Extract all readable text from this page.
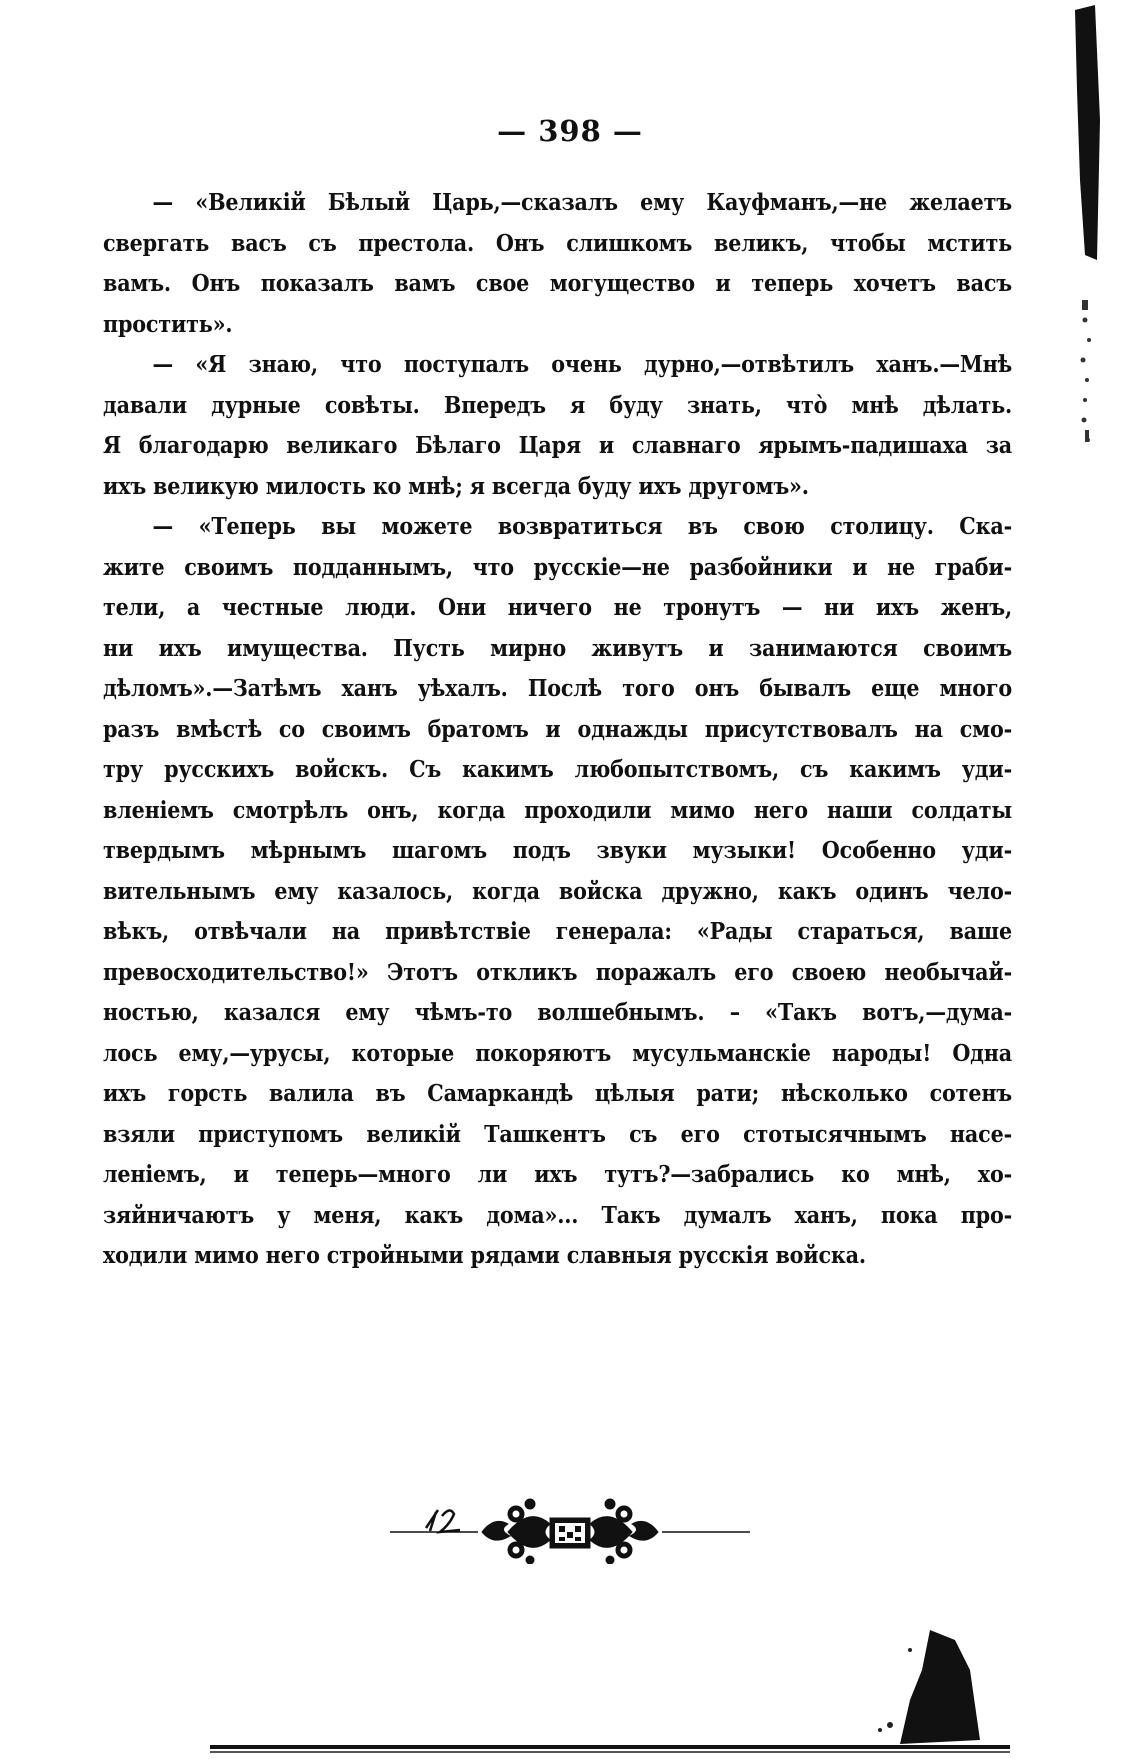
— 398 —
— «Великій Бѣлый Царь,—сказалъ ему Кауфманъ,—не желаетъ
свергать васъ съ престола. Онъ слишкомъ великъ, чтобы мстить
вамъ. Онъ показалъ вамъ свое могущество и теперь хочетъ васъ
простить».
— «Я знаю, что поступалъ очень дурно,—отвѣтилъ ханъ.—Мнѣ
давали дурные совѣты. Впередъ я буду знать, чтò мнѣ дѣлать.
Я благодарю великаго Бѣлаго Царя и славнаго ярымъ-падишаха за
ихъ великую милость ко мнѣ; я всегда буду ихъ другомъ».
— «Теперь вы можете возвратиться въ свою столицу. Ска-
жите своимъ подданнымъ, что русскіе—не разбойники и не граби-
тели, а честные люди. Они ничего не тронутъ — ни ихъ женъ,
ни ихъ имущества. Пусть мирно живутъ и занимаются своимъ
дѣломъ».—Затѣмъ ханъ уѣхалъ. Послѣ того онъ бывалъ еще много
разъ вмѣстѣ со своимъ братомъ и однажды присутствовалъ на смо-
тру русскихъ войскъ. Съ какимъ любопытствомъ, съ какимъ уди-
вленіемъ смотрѣлъ онъ, когда проходили мимо него наши солдаты
твердымъ мѣрнымъ шагомъ подъ звуки музыки! Особенно уди-
вительнымъ ему казалось, когда войска дружно, какъ одинъ чело-
вѣкъ, отвѣчали на привѣтствіе генерала: «Рады стараться, ваше
превосходительство!» Этотъ откликъ поражалъ его своею необычай-
ностью, казался ему чѣмъ-то волшебнымъ. – «Такъ вотъ,—дума-
лось ему,—урусы, которые покоряютъ мусульманскіе народы! Одна
ихъ горсть валила въ Самаркандѣ цѣлыя рати; нѣсколько сотенъ
взяли приступомъ великій Ташкентъ съ его стотысячнымъ насе-
леніемъ, и теперь—много ли ихъ тутъ?—забрались ко мнѣ, хо-
зяйничаютъ у меня, какъ дома»... Такъ думалъ ханъ, пока про-
ходили мимо него стройными рядами славныя русскія войска.
